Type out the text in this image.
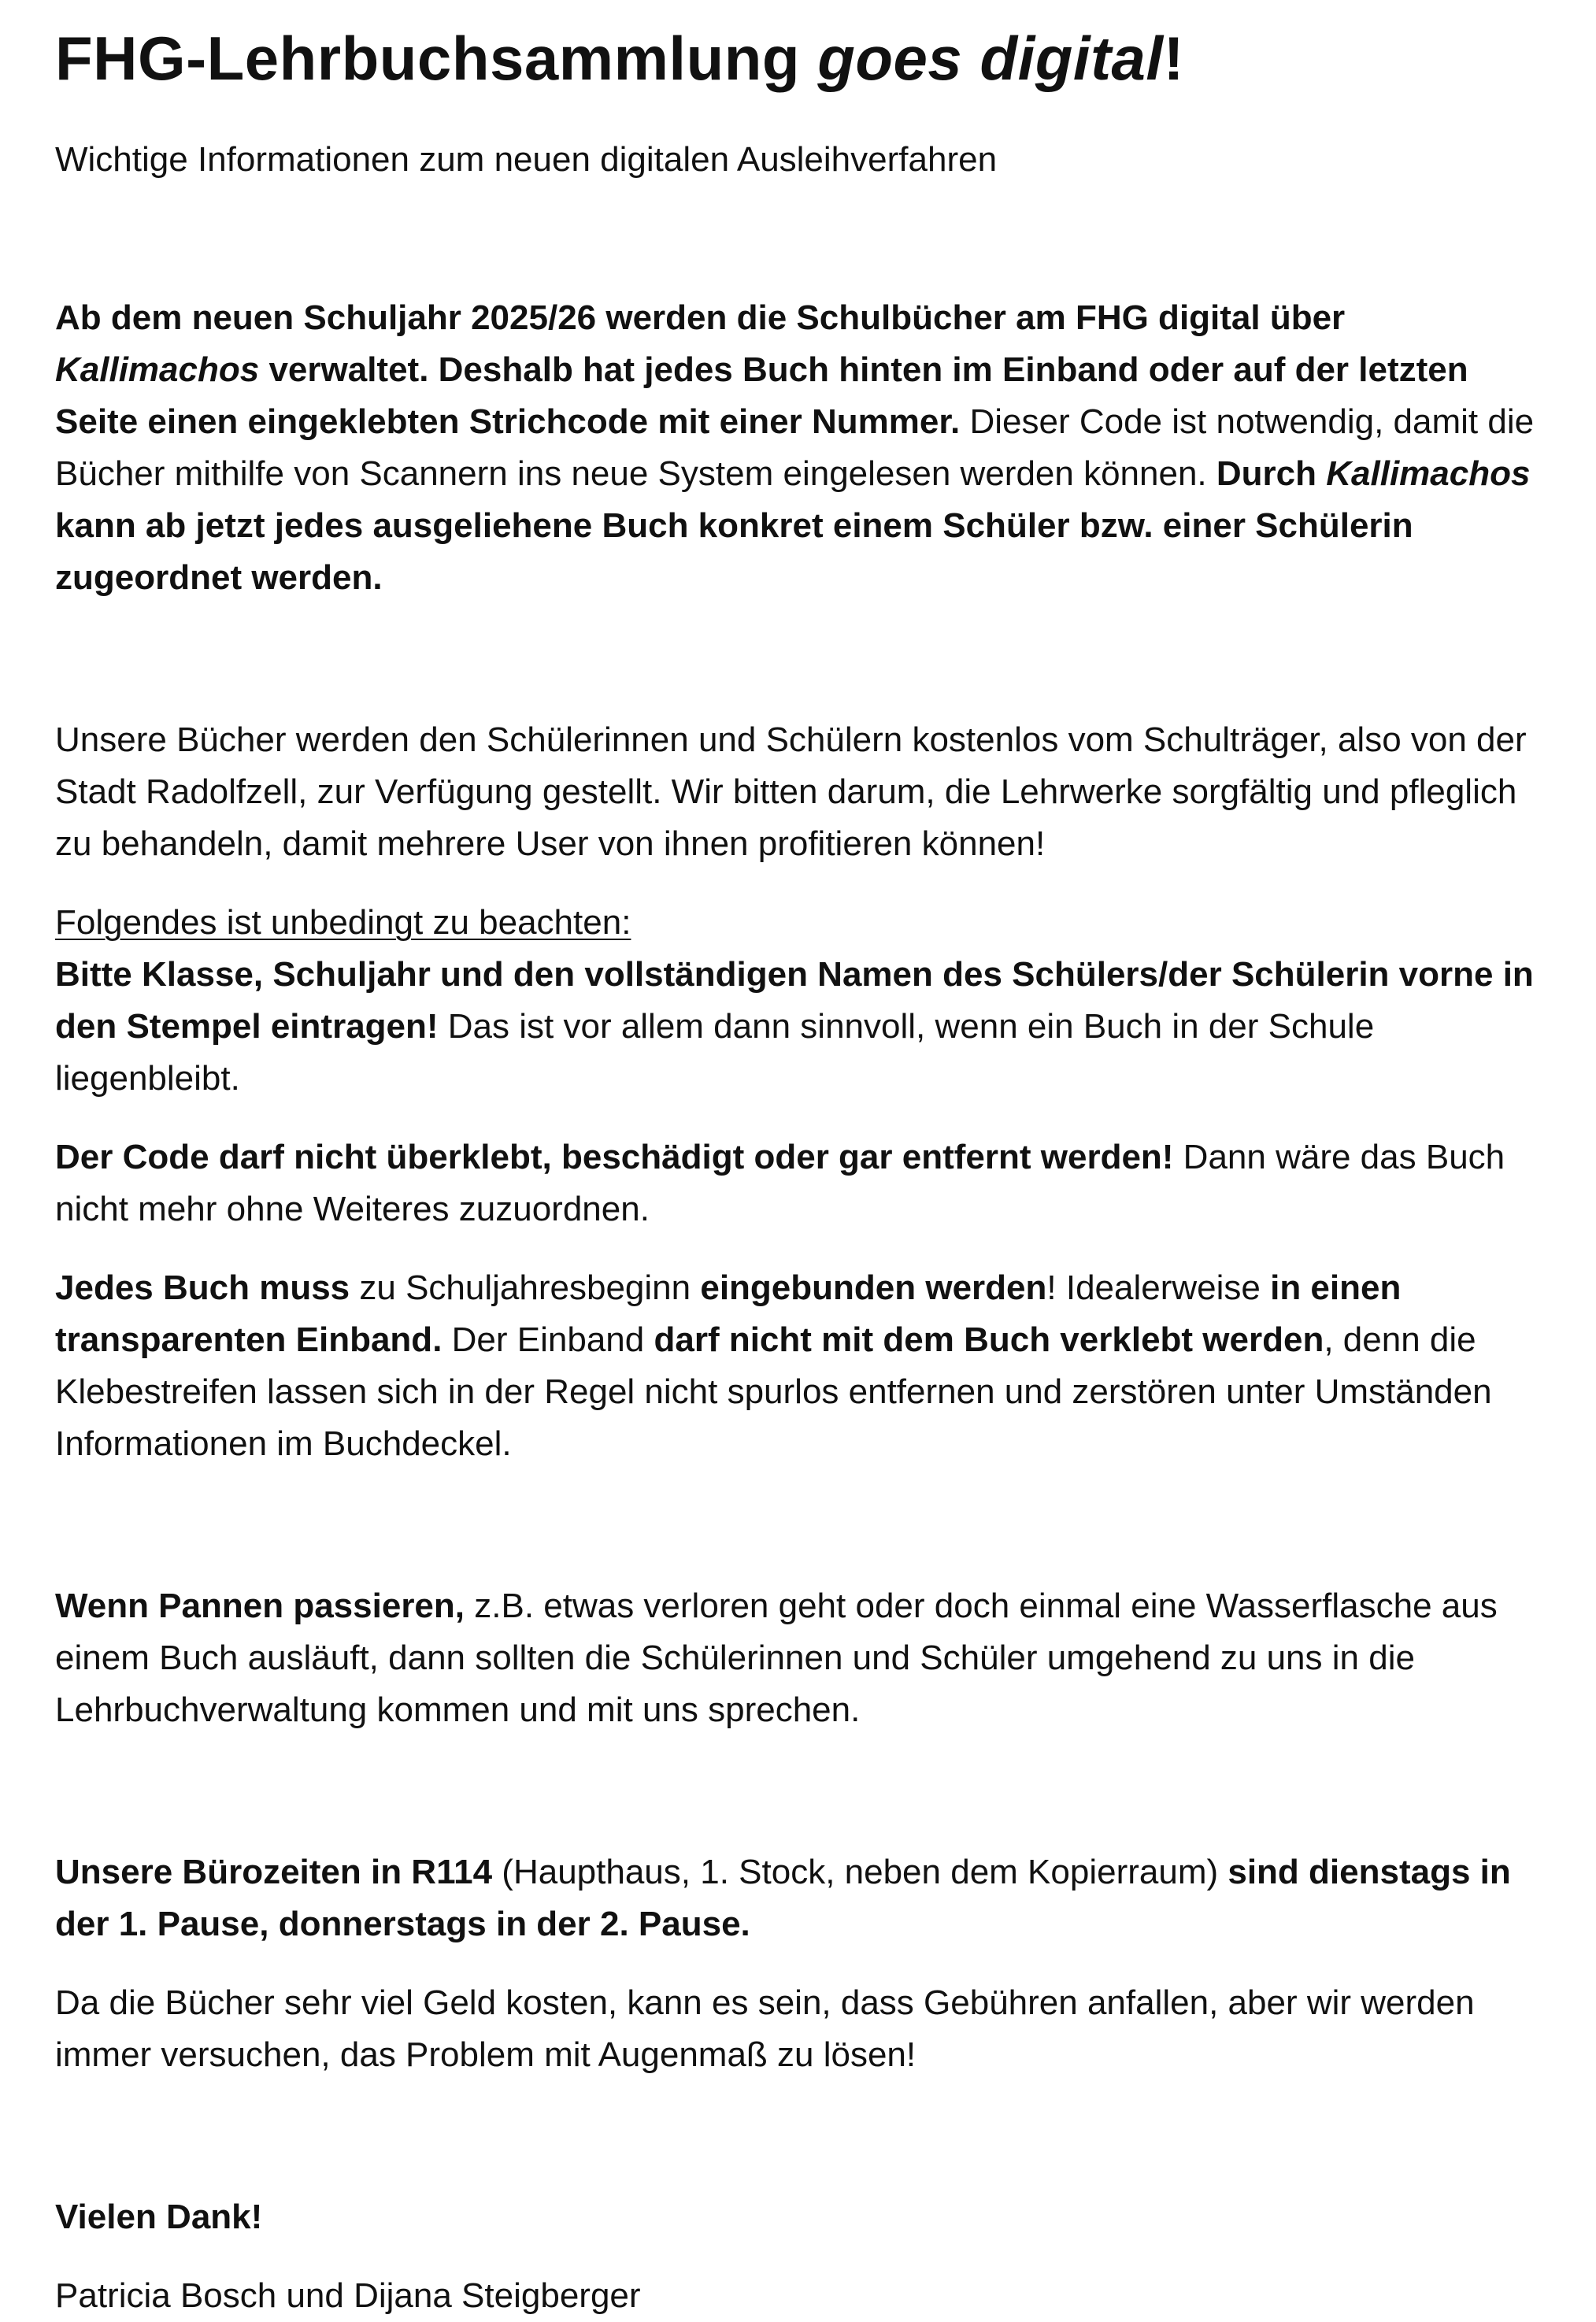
FHG-Lehrbuchsammlung goes digital!

Wichtige Informationen zum neuen digitalen Ausleihverfahren

Ab dem neuen Schuljahr 2025/26 werden die Schulbücher am FHG digital über Kallimachos verwaltet. Deshalb hat jedes Buch hinten im Einband oder auf der letzten Seite einen eingeklebten Strichcode mit einer Nummer. Dieser Code ist notwendig, damit die Bücher mithilfe von Scannern ins neue System eingelesen werden können. Durch Kallimachos kann ab jetzt jedes ausgeliehene Buch konkret einem Schüler bzw. einer Schülerin zugeordnet werden.

Unsere Bücher werden den Schülerinnen und Schülern kostenlos vom Schulträger, also von der Stadt Radolfzell, zur Verfügung gestellt. Wir bitten darum, die Lehrwerke sorgfältig und pfleglich zu behandeln, damit mehrere User von ihnen profitieren können!

Folgendes ist unbedingt zu beachten:

Bitte Klasse, Schuljahr und den vollständigen Namen des Schülers/der Schülerin vorne in den Stempel eintragen! Das ist vor allem dann sinnvoll, wenn ein Buch in der Schule liegenbleibt.

Der Code darf nicht überklebt, beschädigt oder gar entfernt werden! Dann wäre das Buch nicht mehr ohne Weiteres zuzuordnen.

Jedes Buch muss zu Schuljahresbeginn eingebunden werden! Idealerweise in einen transparenten Einband. Der Einband darf nicht mit dem Buch verklebt werden, denn die Klebestreifen lassen sich in der Regel nicht spurlos entfernen und zerstören unter Umständen Informationen im Buchdeckel.

Wenn Pannen passieren, z.B. etwas verloren geht oder doch einmal eine Wasserflasche aus einem Buch ausläuft, dann sollten die Schülerinnen und Schüler umgehend zu uns in die Lehrbuchverwaltung kommen und mit uns sprechen.

Unsere Bürozeiten in R114 (Haupthaus, 1. Stock, neben dem Kopierraum) sind dienstags in der 1. Pause, donnerstags in der 2. Pause.

Da die Bücher sehr viel Geld kosten, kann es sein, dass Gebühren anfallen, aber wir werden immer versuchen, das Problem mit Augenmaß zu lösen!

Vielen Dank!

Patricia Bosch und Dijana Steigberger
